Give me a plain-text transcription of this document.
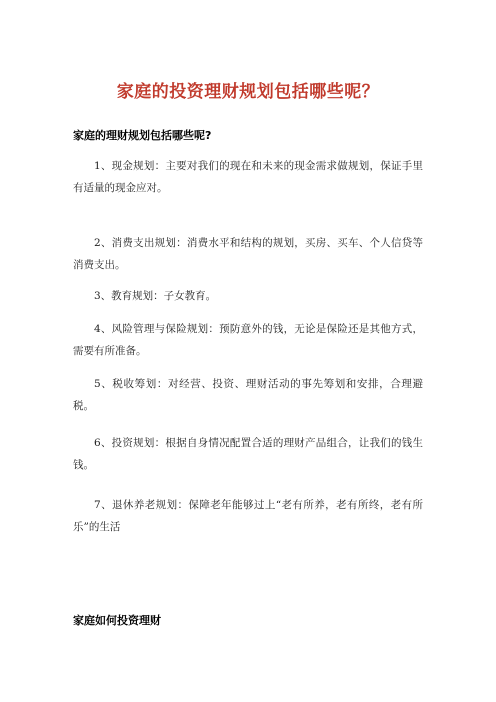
家庭的投资理财规划包括哪些呢？
家庭的理财规划包括哪些呢?

1、现金规划：主要对我们的现在和未来的现金需求做规划，保证手里有适量的现金应对。

2、消费支出规划：消费水平和结构的规划，买房、买车、个人信贷等消费支出。

3、教育规划：子女教育。

4、风险管理与保险规划：预防意外的钱，无论是保险还是其他方式，需要有所准备。

5、税收筹划：对经营、投资、理财活动的事先筹划和安排，合理避税。

6、投资规划：根据自身情况配置合适的理财产品组合，让我们的钱生钱。

7、退休养老规划：保障老年能够过上“老有所养，老有所终，老有所乐”的生活

家庭如何投资理财
